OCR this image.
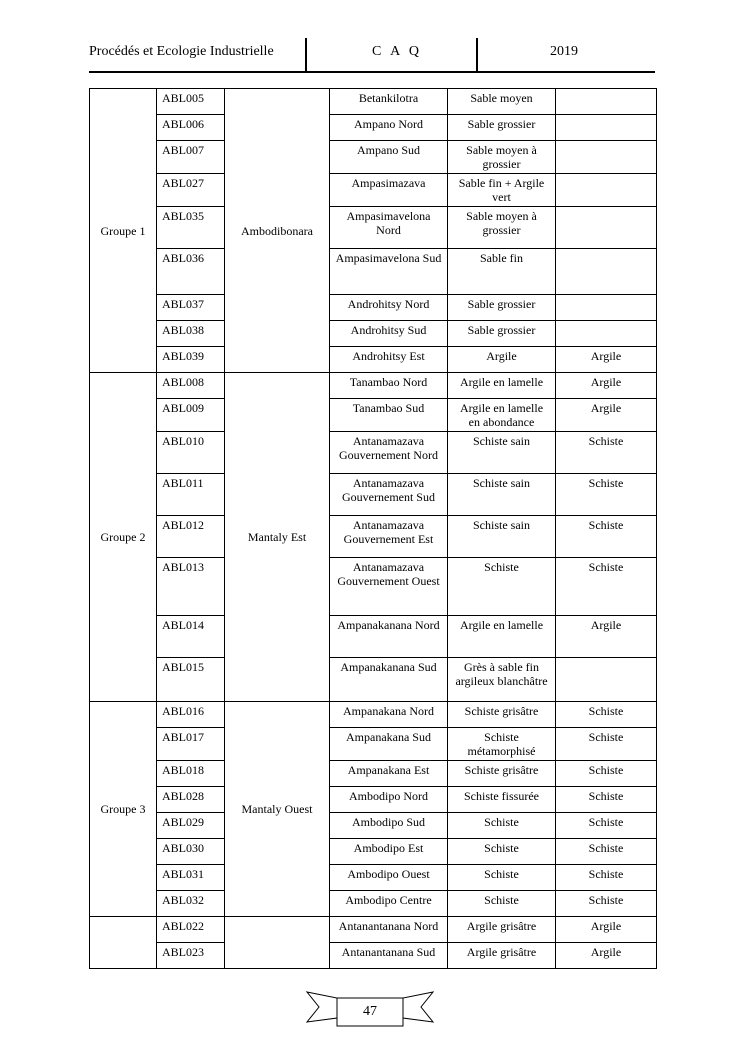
Procédés et Ecologie Industrielle	C A Q	2019
Groupe 1	ABL005	Ambodibonara	Betankilotra	Sable moyen	
	ABL006		Ampano Nord	Sable grossier	
	ABL007		Ampano Sud	Sable moyen à grossier	
	ABL027		Ampasimazava	Sable fin + Argile vert	
	ABL035		Ampasimavelona Nord	Sable moyen à grossier	
	ABL036		Ampasimavelona Sud	Sable fin	
	ABL037		Androhitsy Nord	Sable grossier	
	ABL038		Androhitsy Sud	Sable grossier	
	ABL039		Androhitsy Est	Argile	Argile
Groupe 2	ABL008	Mantaly Est	Tanambao Nord	Argile en lamelle	Argile
	ABL009		Tanambao Sud	Argile en lamelle en abondance	Argile
	ABL010		Antanamazava Gouvernement Nord	Schiste sain	Schiste
	ABL011		Antanamazava Gouvernement Sud	Schiste sain	Schiste
	ABL012		Antanamazava Gouvernement Est	Schiste sain	Schiste
	ABL013		Antanamazava Gouvernement Ouest	Schiste	Schiste
	ABL014		Ampanakanana Nord	Argile en lamelle	Argile
	ABL015		Ampanakanana Sud	Grès à sable fin argileux blanchâtre	
Groupe 3	ABL016	Mantaly Ouest	Ampanakana Nord	Schiste grisâtre	Schiste
	ABL017		Ampanakana Sud	Schiste métamorphisé	Schiste
	ABL018		Ampanakana Est	Schiste grisâtre	Schiste
	ABL028		Ambodipo Nord	Schiste fissurée	Schiste
	ABL029		Ambodipo Sud	Schiste	Schiste
	ABL030		Ambodipo Est	Schiste	Schiste
	ABL031		Ambodipo Ouest	Schiste	Schiste
	ABL032		Ambodipo Centre	Schiste	Schiste
	ABL022		Antanantanana Nord	Argile grisâtre	Argile
	ABL023		Antanantanana Sud	Argile grisâtre	Argile
47
